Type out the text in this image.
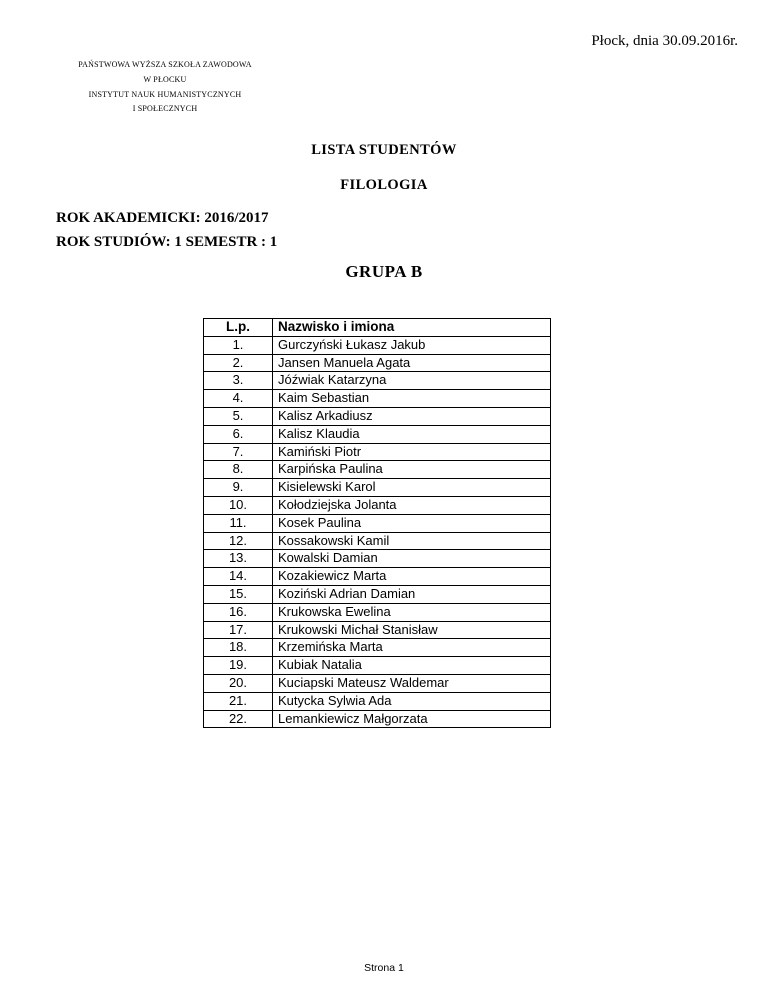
Płock, dnia 30.09.2016r.
PAŃSTWOWA WYŻSZA SZKOŁA ZAWODOWA
W PŁOCKU
INSTYTUT NAUK HUMANISTYCZNYCH
I SPOŁECZNYCH
LISTA STUDENTÓW
FILOLOGIA
ROK AKADEMICKI: 2016/2017
ROK STUDIÓW: 1 SEMESTR : 1
GRUPA B
L.p.	Nazwisko i imiona
1.	Gurczyński Łukasz Jakub
2.	Jansen Manuela Agata
3.	Jóźwiak Katarzyna
4.	Kaim Sebastian
5.	Kalisz Arkadiusz
6.	Kalisz Klaudia
7.	Kamiński Piotr
8.	Karpińska Paulina
9.	Kisielewski Karol
10.	Kołodziejska Jolanta
11.	Kosek Paulina
12.	Kossakowski Kamil
13.	Kowalski Damian
14.	Kozakiewicz Marta
15.	Koziński Adrian Damian
16.	Krukowska Ewelina
17.	Krukowski Michał Stanisław
18.	Krzemińska Marta
19.	Kubiak Natalia
20.	Kuciapski Mateusz Waldemar
21.	Kutycka Sylwia Ada
22.	Lemankiewicz Małgorzata
Strona 1
